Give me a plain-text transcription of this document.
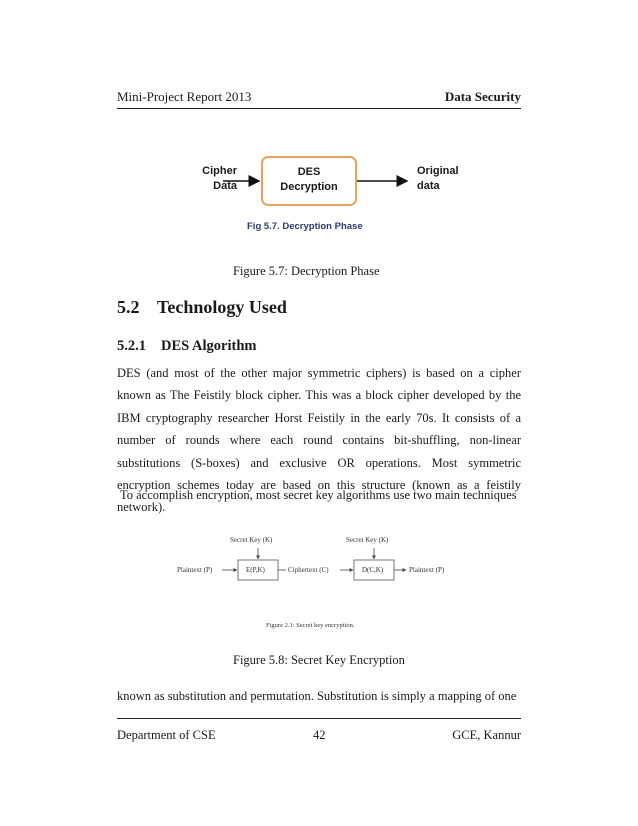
Mini-Project Report 2013	Data Security
Cipher
Data
DES
Decryption
Original
data
Fig 5.7. Decryption Phase
Figure 5.7: Decryption Phase
5.2 Technology Used
5.2.1 DES Algorithm
DES (and most of the other major symmetric ciphers) is based on a cipher known as The Feistily block cipher. This was a block cipher developed by the IBM cryptography researcher Horst Feistily in the early 70s. It consists of a number of rounds where each round contains bit-shuffling, non-linear substitutions (S-boxes) and exclusive OR operations. Most symmetric encryption schemes today are based on this structure (known as a feistily network).
To accomplish encryption, most secret key algorithms use two main techniques
Secret Key (K)	Secret Key (K)
Plaintext (P)	E(P,K)	Ciphertext (C)	D(C,K)	Plaintext (P)
Figure 2.1: Secret key encryption.
Figure 5.8: Secret Key Encryption
known as substitution and permutation. Substitution is simply a mapping of one
Department of CSE	42	GCE, Kannur
